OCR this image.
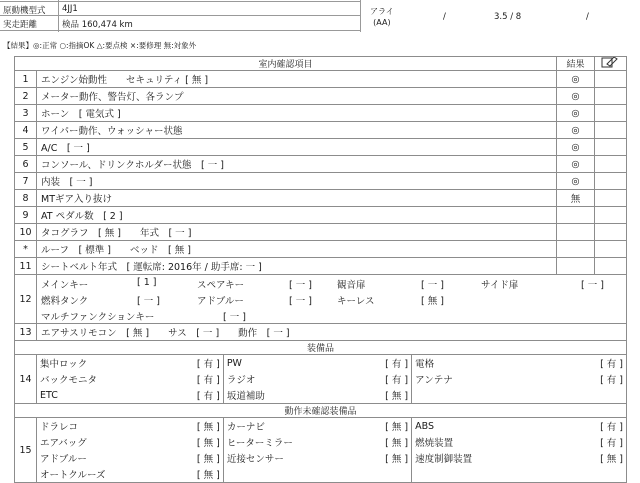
原動機型式	4JJ1
実走距離	検品 160,474 km
アライ
(AA)
/	3.5 / 8	/
【結果】◎:正常 ○:指摘OK △:要点検 ×:要修理 無:対象外
室内確認項目	結果	
1	エンジン始動性　　セキュリティ [ 無 ]	◎	
2	メーター動作、警告灯、各ランプ	◎	
3	ホーン　[ 電気式 ]	◎	
4	ワイパー動作、ウォッシャー状態	◎	
5	A/C　[ 一 ]	◎	
6	コンソール、ドリンクホルダー状態　[ 一 ]	◎	
7	内装　[ 一 ]	◎	
8	MTギア入り抜け	無	
9	AT ペダル数　[ 2 ]		
10	タコグラフ　[ 無 ]　　年式　[ 一 ]		
*	ルーフ　[ 標準 ]　　ベッド　[ 無 ]		
11	シートベルト年式　[ 運転席: 2016年 / 助手席: 一 ]		
12	
メインキー	[ 1 ]	スペアキー	[ 一 ]	観音扉	[ 一 ]	サイド扉	[ 一 ]
燃料タンク	[ 一 ]	アドブルー	[ 一 ]	キーレス	[ 無 ]
マルチファンクションキー	[ 一 ]

13	エアサスリモコン　[ 無 ]　　サス　[ 一 ]　　動作　[ 一 ]
装備品
14	
集中ロック	[ 有 ]	PW	[ 有 ]	電格	[ 有 ]
バックモニタ	[ 有 ]	ラジオ	[ 有 ]	アンテナ	[ 有 ]
ETC	[ 有 ]	坂道補助	[ 無 ]		

動作未確認装備品
15	
ドラレコ	[ 無 ]	カーナビ	[ 無 ]	ABS	[ 有 ]
エアバッグ	[ 無 ]	ヒーターミラー	[ 無 ]	燃焼装置	[ 有 ]
アドブルー	[ 無 ]	近接センサー	[ 無 ]	速度制御装置	[ 無 ]
オートクルーズ	[ 無 ]				
